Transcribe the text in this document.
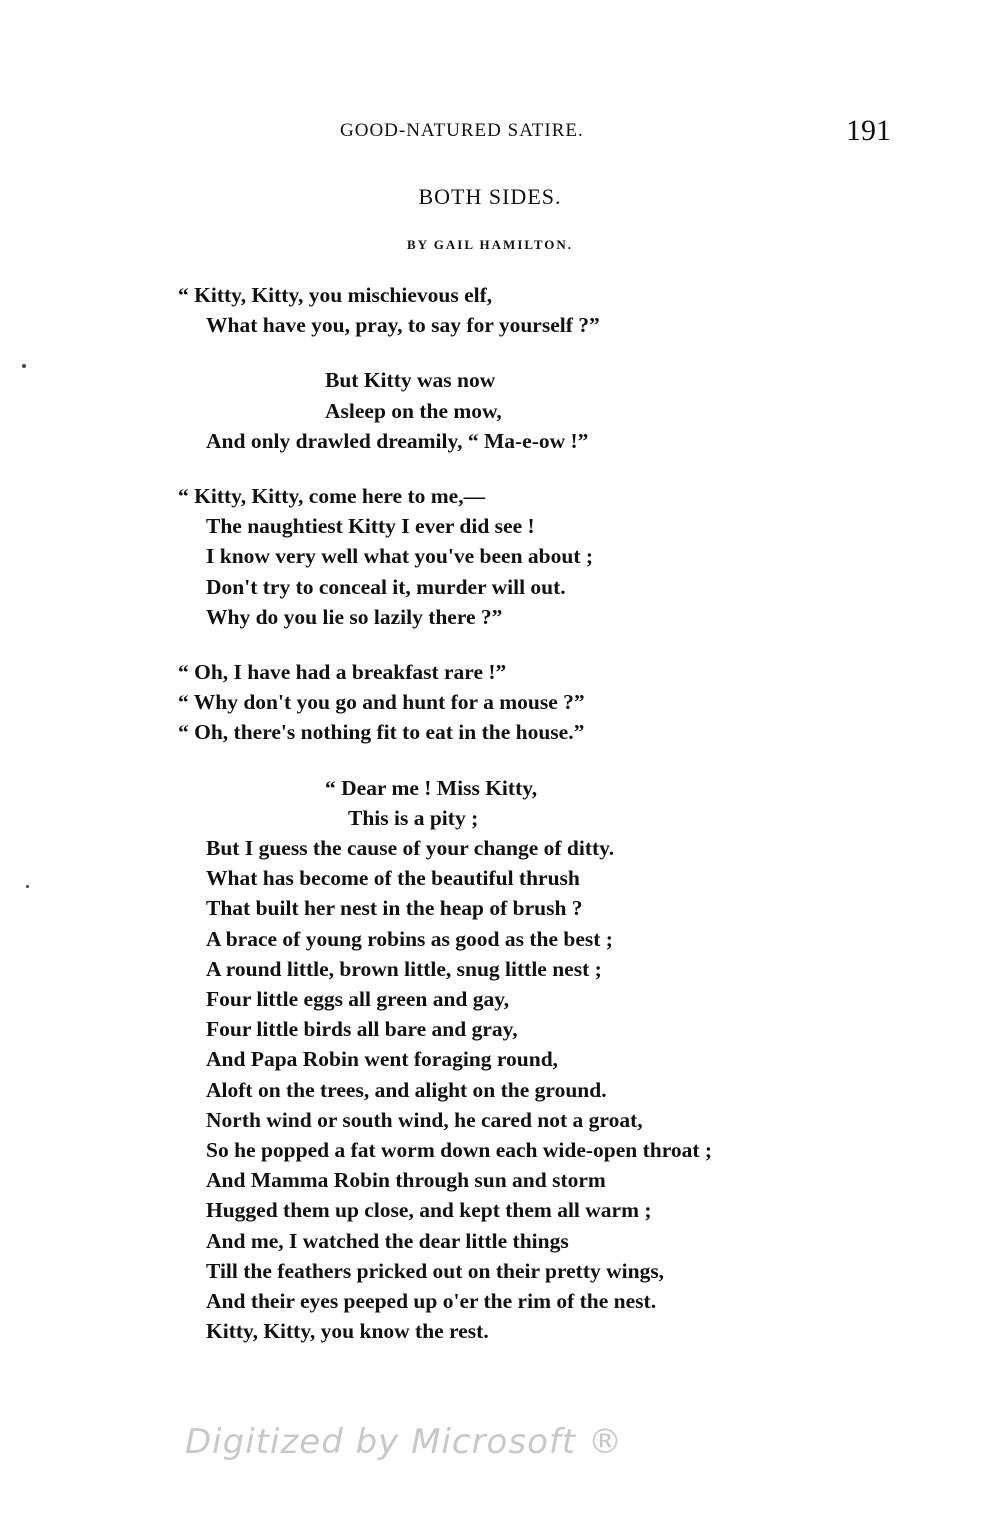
GOOD-NATURED SATIRE.	191
BOTH SIDES.
BY GAIL HAMILTON.
“ Kitty, Kitty, you mischievous elf,
What have you, pray, to say for yourself ?”
But Kitty was now
Asleep on the mow,
And only drawled dreamily, “ Ma-e-ow !”
“ Kitty, Kitty, come here to me,—
The naughtiest Kitty I ever did see !
I know very well what you've been about ;
Don't try to conceal it, murder will out.
Why do you lie so lazily there ?”
“ Oh, I have had a breakfast rare !”
“ Why don't you go and hunt for a mouse ?”
“ Oh, there's nothing fit to eat in the house.”
“ Dear me ! Miss Kitty,
This is a pity ;
But I guess the cause of your change of ditty.
What has become of the beautiful thrush
That built her nest in the heap of brush ?
A brace of young robins as good as the best ;
A round little, brown little, snug little nest ;
Four little eggs all green and gay,
Four little birds all bare and gray,
And Papa Robin went foraging round,
Aloft on the trees, and alight on the ground.
North wind or south wind, he cared not a groat,
So he popped a fat worm down each wide-open throat ;
And Mamma Robin through sun and storm
Hugged them up close, and kept them all warm ;
And me, I watched the dear little things
Till the feathers pricked out on their pretty wings,
And their eyes peeped up o'er the rim of the nest.
Kitty, Kitty, you know the rest.
Digitized by Microsoft ®
